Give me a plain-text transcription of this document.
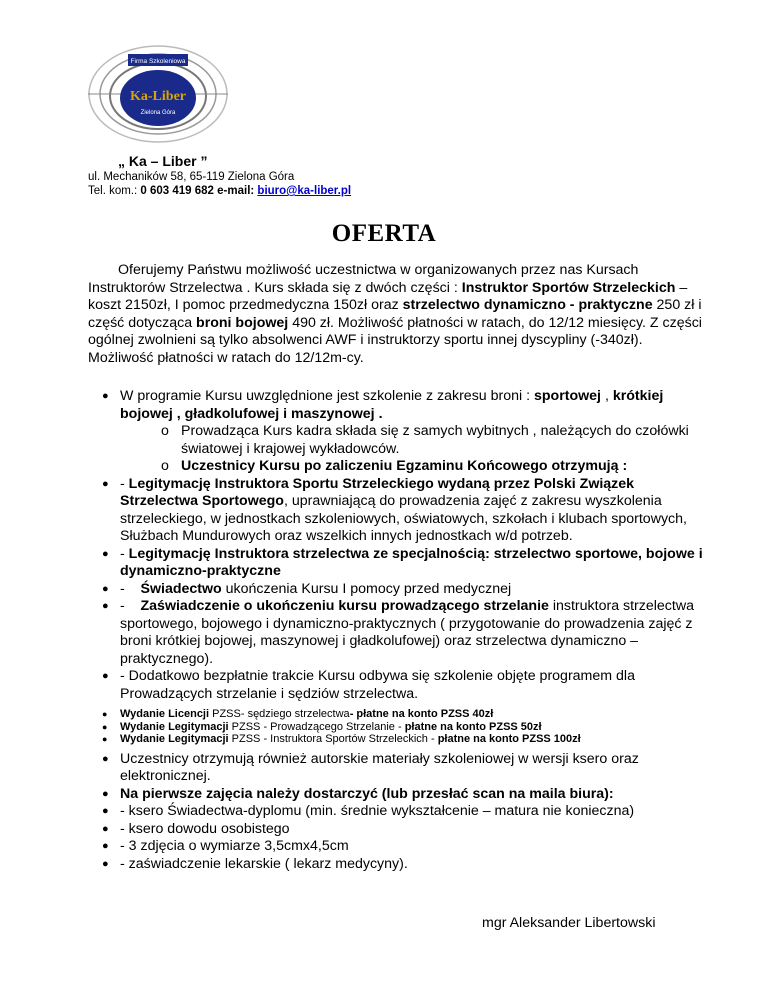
Firma Szkoleniowa
Ka-Liber
Zielona Góra
„ Ka – Liber ”
ul. Mechaników 58, 65-119 Zielona Góra
Tel. kom.: 0 603 419 682 e-mail: biuro@ka-liber.pl
OFERTA
Oferujemy Państwu możliwość uczestnictwa w organizowanych przez nas Kursach Instruktorów Strzelectwa . Kurs składa się z dwóch części : Instruktor Sportów Strzeleckich – koszt 2150zł, I pomoc przedmedyczna 150zł oraz strzelectwo dynamiczno - praktyczne 250 zł i część dotycząca broni bojowej 490 zł. Możliwość płatności w ratach, do 12/12 miesięcy. Z części ogólnej zwolnieni są tylko absolwenci AWF i instruktorzy sportu innej dyscypliny (-340zł). Możliwość płatności w ratach do 12/12m-cy.
● W programie Kursu uwzględnione jest szkolenie z zakresu broni : sportowej , krótkiej bojowej , gładkolufowej i maszynowej .
o Prowadząca Kurs kadra składa się z samych wybitnych , należących do czołówki światowej i krajowej wykładowców.
o Uczestnicy Kursu po zaliczeniu Egzaminu Końcowego otrzymują :
● - Legitymację Instruktora Sportu Strzeleckiego wydaną przez Polski Związek Strzelectwa Sportowego, uprawniającą do prowadzenia zajęć z zakresu wyszkolenia strzeleckiego, w jednostkach szkoleniowych, oświatowych, szkołach i klubach sportowych, Służbach Mundurowych oraz wszelkich innych jednostkach w/d potrzeb.
● - Legitymację Instruktora strzelectwa ze specjalnością: strzelectwo sportowe, bojowe i dynamiczno-praktyczne
● -    Świadectwo ukończenia Kursu I pomocy przed medycznej
● -    Zaświadczenie o ukończeniu kursu prowadzącego strzelanie instruktora strzelectwa sportowego, bojowego i dynamiczno-praktycznych ( przygotowanie do prowadzenia zajęć z broni krótkiej bojowej, maszynowej i gładkolufowej) oraz strzelectwa dynamiczno – praktycznego).
● - Dodatkowo bezpłatnie trakcie Kursu odbywa się szkolenie objęte programem dla Prowadzących strzelanie i sędziów strzelectwa.
● Wydanie Licencji PZSS- sędziego strzelectwa- płatne na konto PZSS 40zł
● Wydanie Legitymacji PZSS - Prowadzącego Strzelanie - płatne na konto PZSS 50zł
● Wydanie Legitymacji PZSS - Instruktora Sportów Strzeleckich - płatne na konto PZSS 100zł
● Uczestnicy otrzymują również autorskie materiały szkoleniowej w wersji ksero oraz elektronicznej.
● Na pierwsze zajęcia należy dostarczyć (lub przesłać scan na maila biura):
● - ksero Świadectwa-dyplomu (min. średnie wykształcenie – matura nie konieczna)
● - ksero dowodu osobistego
● - 3 zdjęcia o wymiarze 3,5cmx4,5cm
● - zaświadczenie lekarskie ( lekarz medycyny).
mgr Aleksander Libertowski
